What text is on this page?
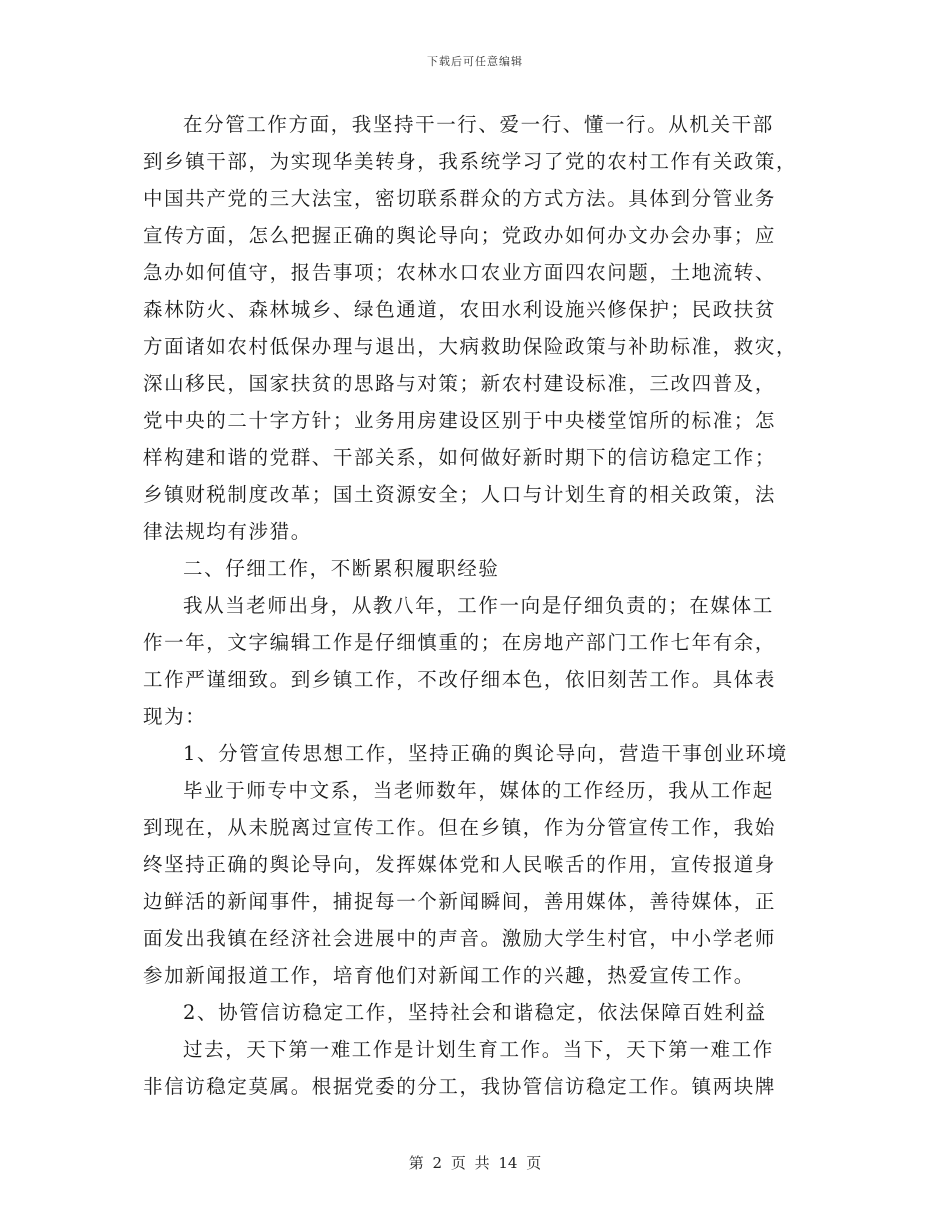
下载后可任意编辑
在分管工作方面，我坚持干一行、爱一行、懂一行。从机关干部
到乡镇干部，为实现华美转身，我系统学习了党的农村工作有关政策，
中国共产党的三大法宝，密切联系群众的方式方法。具体到分管业务
宣传方面，怎么把握正确的舆论导向；党政办如何办文办会办事；应
急办如何值守，报告事项；农林水口农业方面四农问题，土地流转、
森林防火、森林城乡、绿色通道，农田水利设施兴修保护；民政扶贫
方面诸如农村低保办理与退出，大病救助保险政策与补助标准，救灾，
深山移民，国家扶贫的思路与对策；新农村建设标准，三改四普及，
党中央的二十字方针；业务用房建设区别于中央楼堂馆所的标准；怎
样构建和谐的党群、干部关系，如何做好新时期下的信访稳定工作；
乡镇财税制度改革；国土资源安全；人口与计划生育的相关政策，法
律法规均有涉猎。
二、仔细工作，不断累积履职经验
我从当老师出身，从教八年，工作一向是仔细负责的；在媒体工
作一年，文字编辑工作是仔细慎重的；在房地产部门工作七年有余，
工作严谨细致。到乡镇工作，不改仔细本色，依旧刻苦工作。具体表
现为：
1、分管宣传思想工作，坚持正确的舆论导向，营造干事创业环境
毕业于师专中文系，当老师数年，媒体的工作经历，我从工作起
到现在，从未脱离过宣传工作。但在乡镇，作为分管宣传工作，我始
终坚持正确的舆论导向，发挥媒体党和人民喉舌的作用，宣传报道身
边鲜活的新闻事件，捕捉每一个新闻瞬间，善用媒体，善待媒体，正
面发出我镇在经济社会进展中的声音。激励大学生村官，中小学老师
参加新闻报道工作，培育他们对新闻工作的兴趣，热爱宣传工作。
2、协管信访稳定工作，坚持社会和谐稳定，依法保障百姓利益
过去，天下第一难工作是计划生育工作。当下，天下第一难工作
非信访稳定莫属。根据党委的分工，我协管信访稳定工作。镇两块牌
第 2 页 共 14 页
